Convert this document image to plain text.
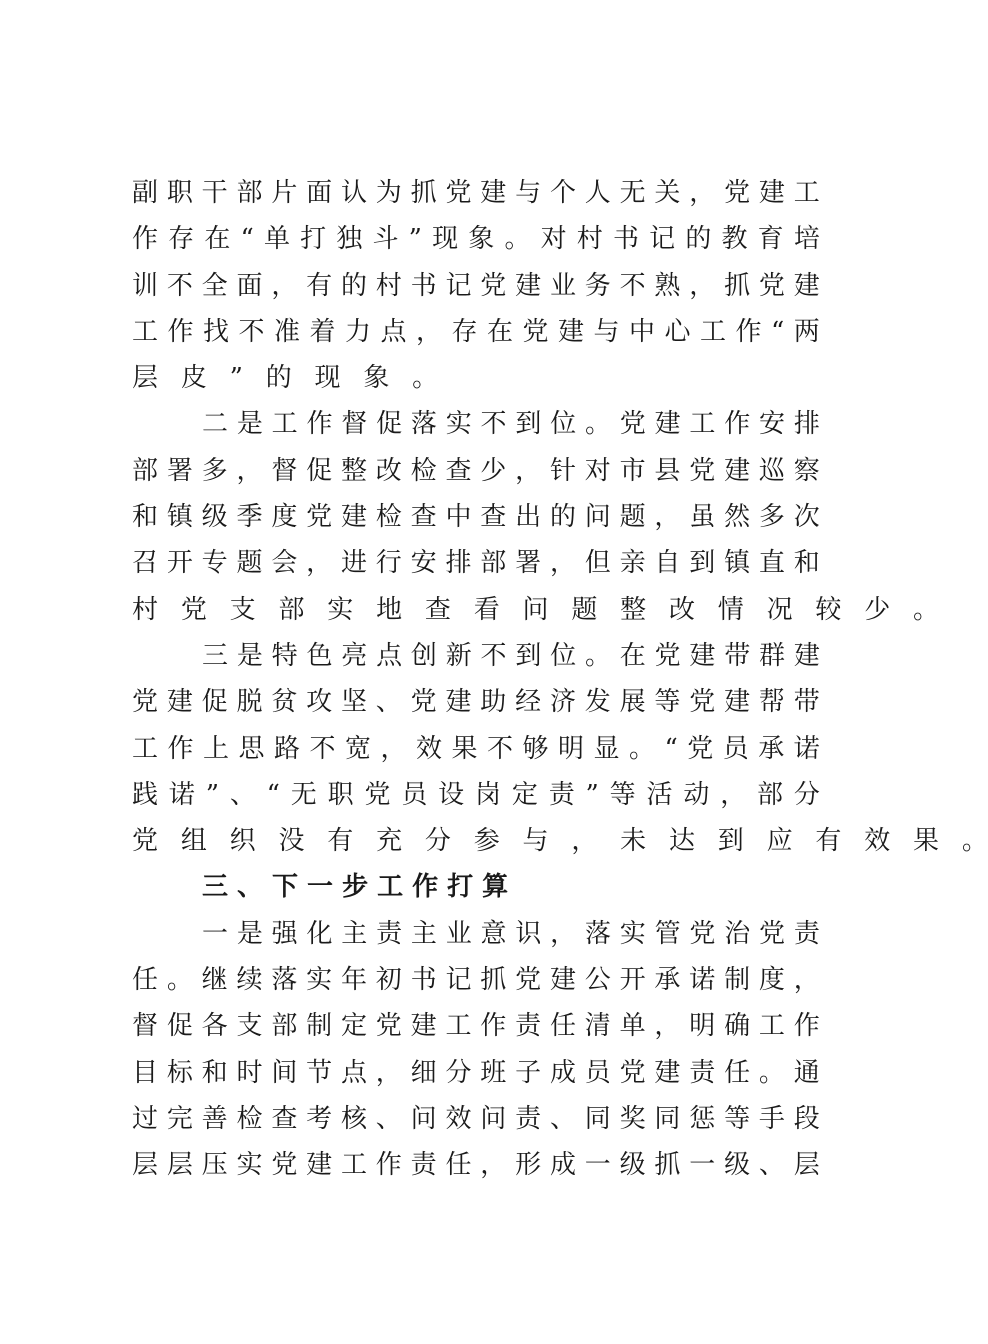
副 职 干 部 片 面 认 为 抓 党 建 与 个 人 无 关 ， 党 建 工
作 存 在 “ 单 打 独 斗 ” 现 象 。 对 村 书 记 的 教 育 培
训 不 全 面 ， 有 的 村 书 记 党 建 业 务 不 熟 ， 抓 党 建
工 作 找 不 准 着 力 点 ， 存 在 党 建 与 中 心 工 作 “ 两
层 皮 ” 的 现 象 。
二 是 工 作 督 促 落 实 不 到 位 。 党 建 工 作 安 排
部 署 多 ， 督 促 整 改 检 查 少 ， 针 对 市 县 党 建 巡 察
和 镇 级 季 度 党 建 检 查 中 查 出 的 问 题 ， 虽 然 多 次
召 开 专 题 会 ， 进 行 安 排 部 署 ， 但 亲 自 到 镇 直 和
村 党 支 部 实 地 查 看 问 题 整 改 情 况 较 少 。
三 是 特 色 亮 点 创 新 不 到 位 。 在 党 建 带 群 建
党 建 促 脱 贫 攻 坚 、 党 建 助 经 济 发 展 等 党 建 帮 带
工 作 上 思 路 不 宽 ， 效 果 不 够 明 显 。 “ 党 员 承 诺
践 诺 ” 、 “ 无 职 党 员 设 岗 定 责 ” 等 活 动 ， 部 分
党 组 织 没 有 充 分 参 与 ， 未 达 到 应 有 效 果 。
三 、 下 一 步 工 作 打 算
一 是 强 化 主 责 主 业 意 识 ， 落 实 管 党 治 党 责
任 。 继 续 落 实 年 初 书 记 抓 党 建 公 开 承 诺 制 度 ，
督 促 各 支 部 制 定 党 建 工 作 责 任 清 单 ， 明 确 工 作
目 标 和 时 间 节 点 ， 细 分 班 子 成 员 党 建 责 任 。 通
过 完 善 检 查 考 核 、 问 效 问 责 、 同 奖 同 惩 等 手 段
层 层 压 实 党 建 工 作 责 任 ， 形 成 一 级 抓 一 级 、 层
